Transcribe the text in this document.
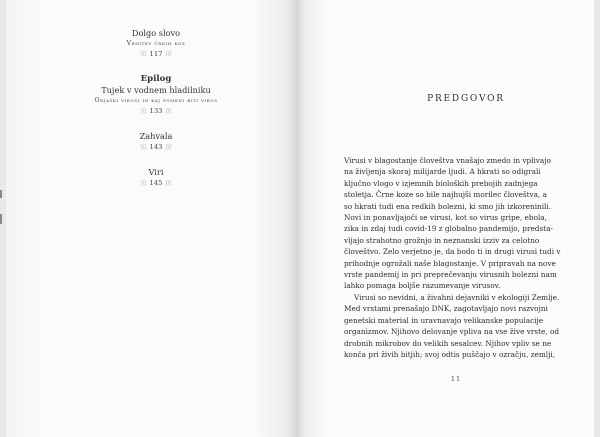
Dolgo slovo
Vrnitev črnih koz
\\\ 117 ///
Epilog
Tujek v vodnem hladilniku
Orjaški virusi in kaj pomeni biti virus
\\\ 133 ///
Zahvala
\\\ 143 ///
Viri
\\\ 145 ///
PREDGOVOR
Virusi v blagostanje človeštva vnašajo zmedo in vplivajo
na življenja skoraj milijarde ljudi. A hkrati so odigrali
ključno vlogo v izjemnih bioloških prebojih zadnjega
stoletja. Črne koze so bile najhujši morilec človeštva, a
so hkrati tudi ena redkih bolezni, ki smo jih izkoreninili.
Novi in ponavljajoči se virusi, kot so virus gripe, ebola,
zika in zdaj tudi covid-19 z globalno pandemijo, predsta-
vljajo strahotno grožnjo in neznanski izziv za celotno
človeštvo. Zelo verjetno je, da bodo ti in drugi virusi tudi v
prihodnje ogrožali naše blagostanje. V pripravah na nove
vrste pandemij in pri preprečevanju virusnih bolezni nam
lahko pomaga boljše razumevanje virusov.
Virusi so nevidni, a živahni dejavniki v ekologiji Zemlje.
Med vrstami prenašajo DNK, zagotavljajo novi razvojni
genetski material in uravnavajo velikanske populacije
organizmov. Njihovo delovanje vpliva na vse žive vrste, od
drobnih mikrobov do velikih sesalcev. Njihov vpliv se ne
konča pri živih bitjih; svoj odtis puščajo v ozračju, zemlji,
11
